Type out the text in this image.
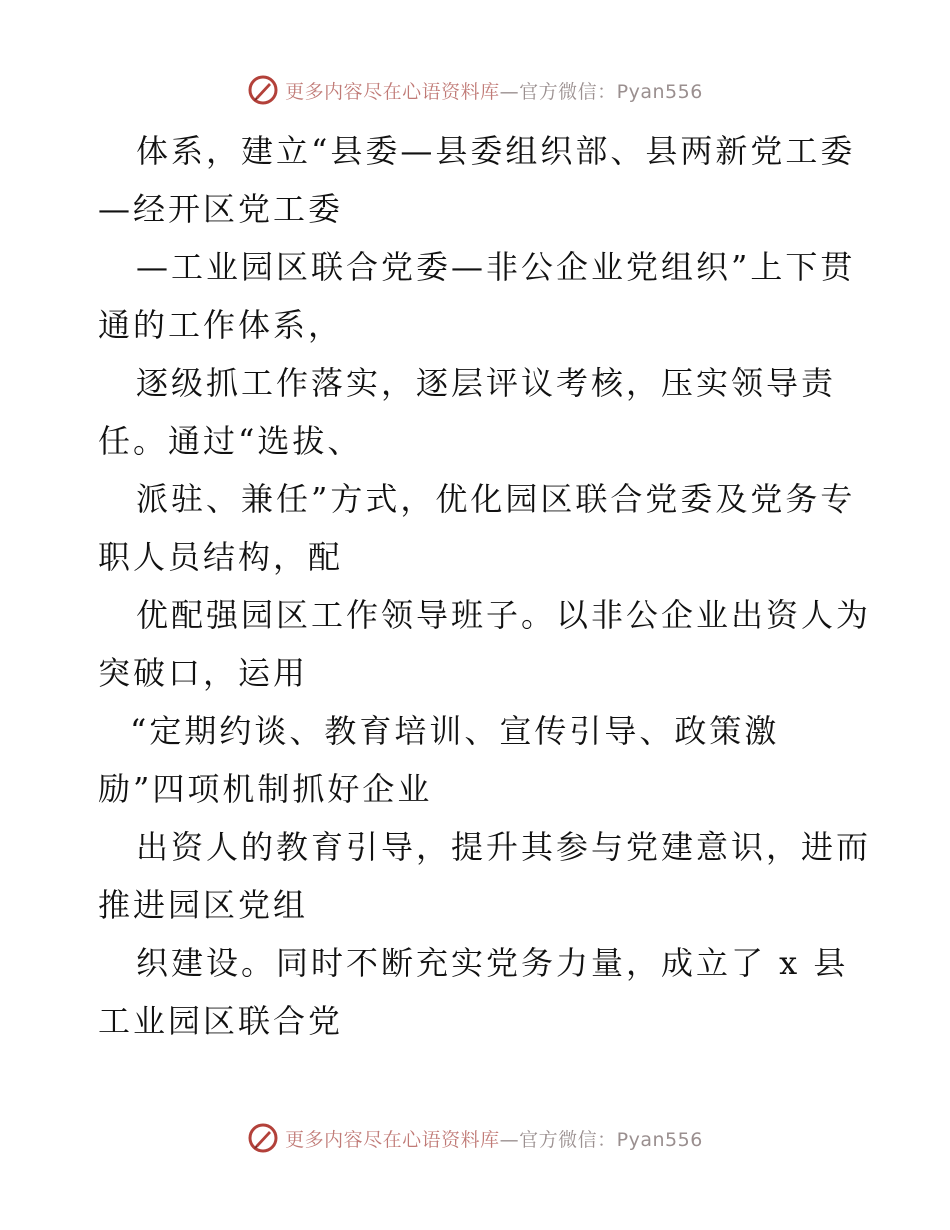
更多内容尽在心语资料库—官方微信：Pyan556
体系，建立“县委—县委组织部、县两新党工委
—经开区党工委
—工业园区联合党委—非公企业党组织”上下贯
通的工作体系，
逐级抓工作落实，逐层评议考核，压实领导责
任。通过“选拔、
派驻、兼任”方式，优化园区联合党委及党务专
职人员结构，配
优配强园区工作领导班子。以非公企业出资人为
突破口，运用
“定期约谈、教育培训、宣传引导、政策激
励”四项机制抓好企业
出资人的教育引导，提升其参与党建意识，进而
推进园区党组
织建设。同时不断充实党务力量，成立了 x 县
工业园区联合党
更多内容尽在心语资料库—官方微信：Pyan556
